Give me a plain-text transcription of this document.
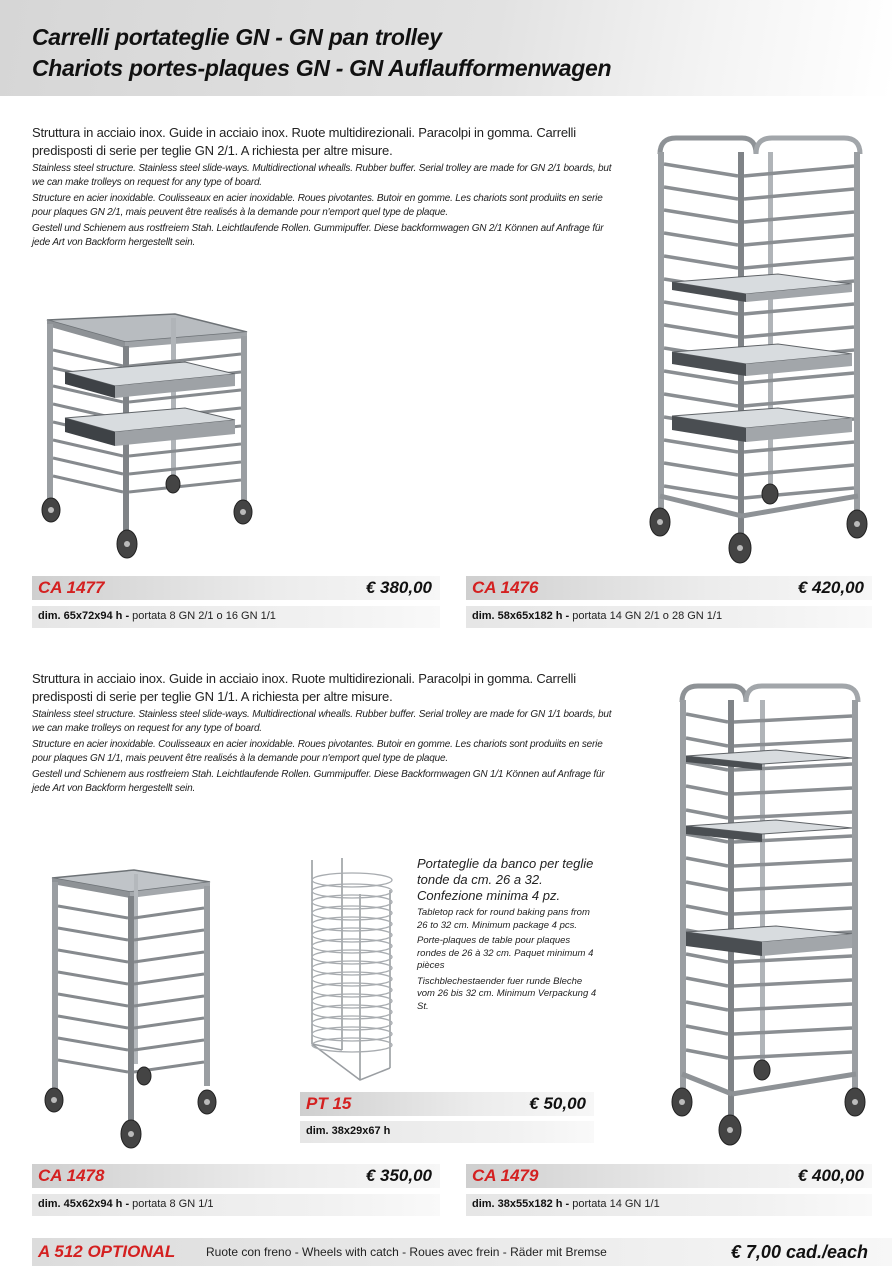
Carrelli portateglie GN - GN pan trolley
Chariots portes-plaques GN - GN Auflaufformenwagen

Struttura in acciaio inox. Guide in acciaio inox. Ruote multidirezionali. Paracolpi in gomma. Carrelli predisposti di serie per teglie GN 2/1. A richiesta per altre misure.

Stainless steel structure. Stainless steel slide-ways. Multidirectional whealls. Rubber buffer. Serial trolley are made for GN 2/1 boards, but we can make trolleys on request for any type of board.

Structure en acier inoxidable. Coulisseaux en acier inoxidable. Roues pivotantes. Butoir en gomme. Les chariots sont produiits en serie pour plaques GN 2/1, mais peuvent être realisés à la demande pour n'emport quel type de plaque.

Gestell und Schienem aus rostfreiem Stah. Leichtlaufende Rollen. Gummipuffer. Diese backformwagen GN 2/1 Können auf Anfrage für jede Art von Backform hergestellt sein.

CA 1477	€ 380,00
dim. 65x72x94 h - portata 8 GN 2/1 o 16 GN 1/1
CA 1476	€ 420,00
dim. 58x65x182 h - portata 14 GN 2/1 o 28 GN 1/1

Struttura in acciaio inox. Guide in acciaio inox. Ruote multidirezionali. Paracolpi in gomma. Carrelli predisposti di serie per teglie GN 1/1. A richiesta per altre misure.

Stainless steel structure. Stainless steel slide-ways. Multidirectional whealls. Rubber buffer. Serial trolley are made for GN 1/1 boards, but we can make trolleys on request for any type of board.

Structure en acier inoxidable. Coulisseaux en acier inoxidable. Roues pivotantes. Butoir en gomme. Les chariots sont produiits en serie pour plaques GN 1/1, mais peuvent être realisés à la demande pour n'emport quel type de plaque.

Gestell und Schienem aus rostfreiem Stah. Leichtlaufende Rollen. Gummipuffer. Diese Backformwagen GN 1/1 Können auf Anfrage für jede Art von Backform hergestellt sein.

Portateglie da banco per teglie tonde da cm. 26 a 32. Confezione minima 4 pz.

Tabletop rack for round baking pans from 26 to 32 cm. Minimum package 4 pcs.

Porte-plaques de table pour plaques rondes de 26 à 32 cm. Paquet minimum 4 pièces

Tischblechestaender fuer runde Bleche vom 26 bis 32 cm. Minimum Verpackung 4 St.

PT 15	€ 50,00
dim. 38x29x67 h
CA 1478	€ 350,00
dim. 45x62x94 h - portata 8 GN 1/1
CA 1479	€ 400,00
dim. 38x55x182 h - portata 14 GN 1/1
A 512 OPTIONAL	Ruote con freno - Wheels with catch - Roues avec frein - Räder mit Bremse	€ 7,00 cad./each
